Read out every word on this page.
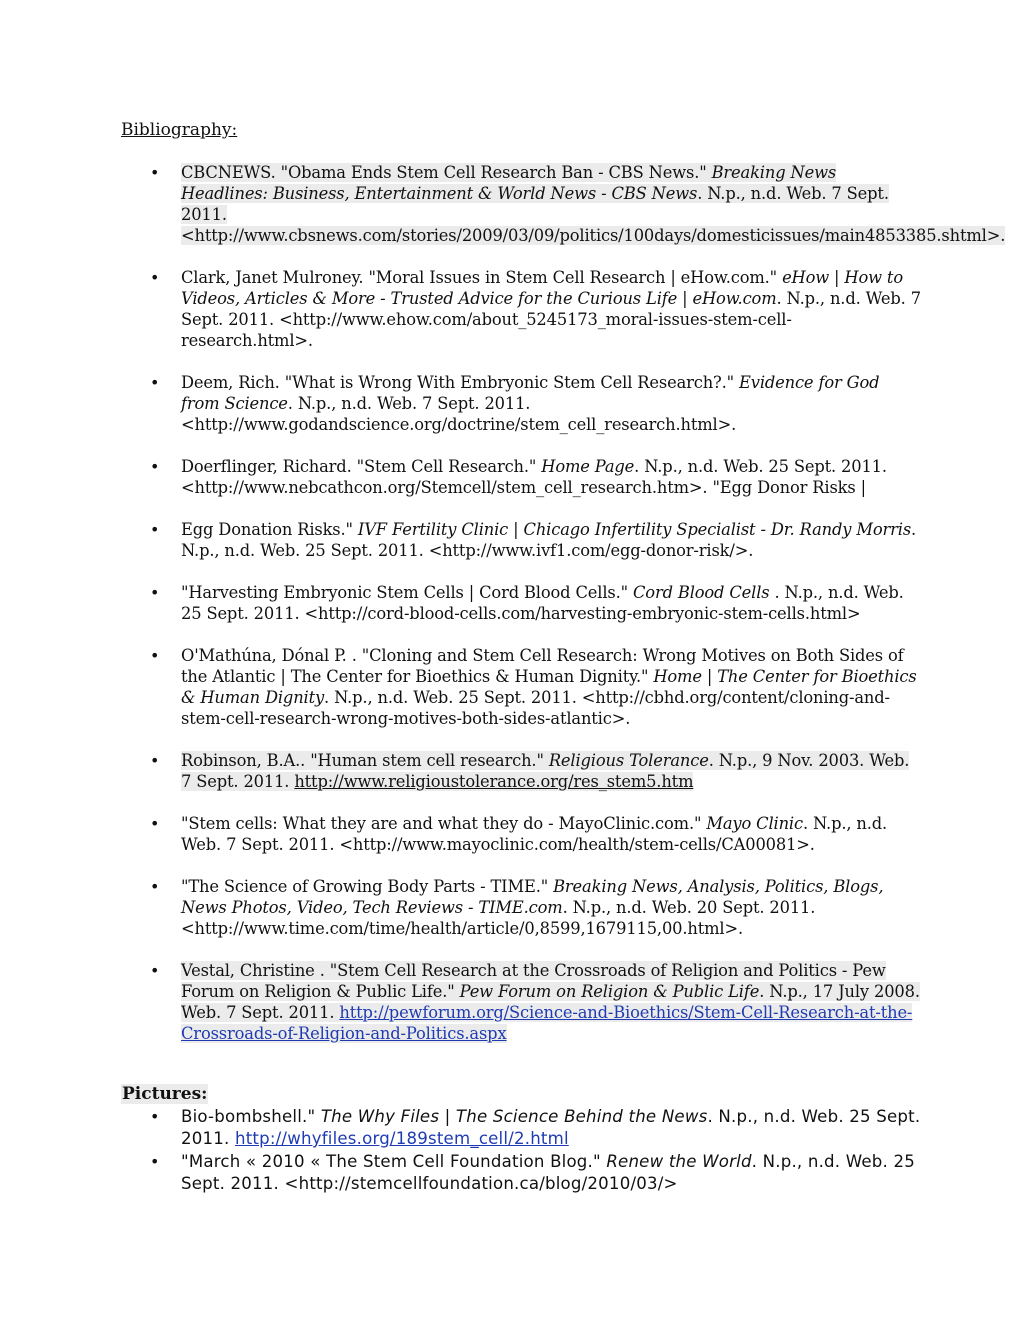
Bibliography:
• CBCNEWS. "Obama Ends Stem Cell Research Ban - CBS News." Breaking News Headlines: Business, Entertainment & World News - CBS News. N.p., n.d. Web. 7 Sept. 2011.<http://www.cbsnews.com/stories/2009/03/09/politics/100days/domesticissues/main4853385.shtml>.
• Clark, Janet Mulroney. "Moral Issues in Stem Cell Research | eHow.com." eHow | How to Videos, Articles & More - Trusted Advice for the Curious Life | eHow.com. N.p., n.d. Web. 7 Sept. 2011. <http://www.ehow.com/about_5245173_moral-issues-stem-cell-research.html>.
• Deem, Rich. "What is Wrong With Embryonic Stem Cell Research?." Evidence for God from Science. N.p., n.d. Web. 7 Sept. 2011. <http://www.godandscience.org/doctrine/stem_cell_research.html>.
• Doerflinger, Richard. "Stem Cell Research." Home Page. N.p., n.d. Web. 25 Sept. 2011. <http://www.nebcathcon.org/Stemcell/stem_cell_research.htm>. "Egg Donor Risks |
• Egg Donation Risks." IVF Fertility Clinic | Chicago Infertility Specialist - Dr. Randy Morris. N.p., n.d. Web. 25 Sept. 2011. <http://www.ivf1.com/egg-donor-risk/>.
• "Harvesting Embryonic Stem Cells | Cord Blood Cells." Cord Blood Cells . N.p., n.d. Web. 25 Sept. 2011. <http://cord-blood-cells.com/harvesting-embryonic-stem-cells.html>
• O'Mathúna, Dónal P. . "Cloning and Stem Cell Research: Wrong Motives on Both Sides of the Atlantic | The Center for Bioethics & Human Dignity." Home | The Center for Bioethics & Human Dignity. N.p., n.d. Web. 25 Sept. 2011. <http://cbhd.org/content/cloning-and-stem-cell-research-wrong-motives-both-sides-atlantic>.
• Robinson, B.A.. "Human stem cell research." Religious Tolerance. N.p., 9 Nov. 2003. Web. 7 Sept. 2011. http://www.religioustolerance.org/res_stem5.htm
• "Stem cells: What they are and what they do - MayoClinic.com." Mayo Clinic. N.p., n.d. Web. 7 Sept. 2011. <http://www.mayoclinic.com/health/stem-cells/CA00081>.
• "The Science of Growing Body Parts - TIME." Breaking News, Analysis, Politics, Blogs, News Photos, Video, Tech Reviews - TIME.com. N.p., n.d. Web. 20 Sept. 2011. <http://www.time.com/time/health/article/0,8599,1679115,00.html>.
• Vestal, Christine . "Stem Cell Research at the Crossroads of Religion and Politics - Pew Forum on Religion & Public Life." Pew Forum on Religion & Public Life. N.p., 17 July 2008. Web. 7 Sept. 2011. http://pewforum.org/Science-and-Bioethics/Stem-Cell-Research-at-the-Crossroads-of-Religion-and-Politics.aspx
Pictures:
• Bio-bombshell." The Why Files | The Science Behind the News. N.p., n.d. Web. 25 Sept. 2011. http://whyfiles.org/189stem_cell/2.html
• "March « 2010 « The Stem Cell Foundation Blog." Renew the World. N.p., n.d. Web. 25 Sept. 2011. <http://stemcellfoundation.ca/blog/2010/03/>
